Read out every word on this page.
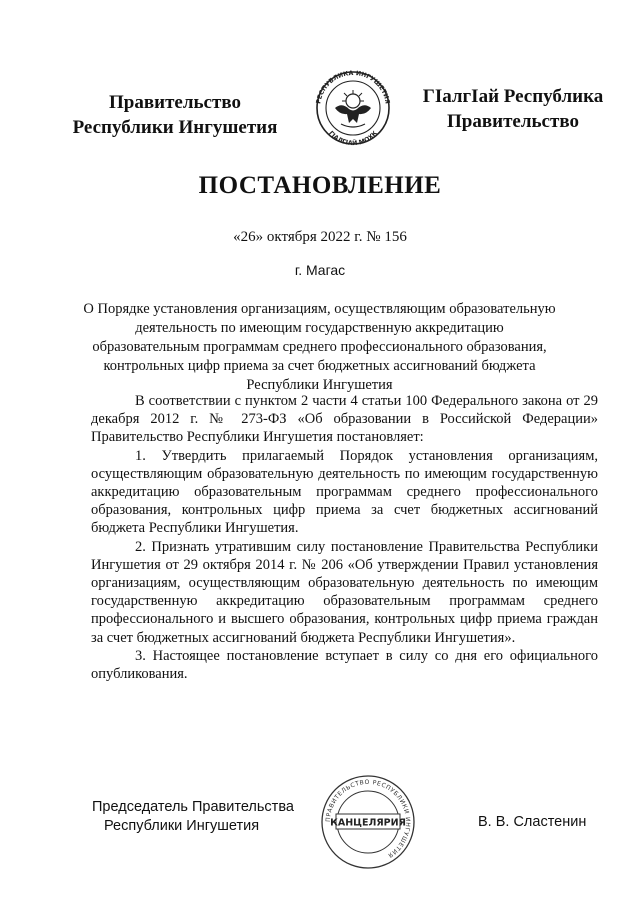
Правительство
Республики Ингушетия
РЕСПУБЛИКА ИНГУШЕТИЯ
ГIАЛГIАЙ МОХК
ГIалгIай Республика
Правительство
ПОСТАНОВЛЕНИЕ
«26» октября 2022 г. № 156
г. Магас
О Порядке установления организациям, осуществляющим образовательную деятельность по имеющим государственную аккредитацию образовательным программам среднего профессионального образования, контрольных цифр приема за счет бюджетных ассигнований бюджета Республики Ингушетия

В соответствии с пунктом 2 части 4 статьи 100 Федерального закона от 29 декабря 2012 г. № 273-ФЗ «Об образовании в Российской Федерации» Правительство Республики Ингушетия постановляет:

1. Утвердить прилагаемый Порядок установления организациям, осуществляющим образовательную деятельность по имеющим государственную аккредитацию образовательным программам среднего профессионального образования, контрольных цифр приема за счет бюджетных ассигнований бюджета Республики Ингушетия.

2. Признать утратившим силу постановление Правительства Республики Ингушетия от 29 октября 2014 г. № 206 «Об утверждении Правил установления организациям, осуществляющим образовательную деятельность по имеющим государственную аккредитацию образовательным программам среднего профессионального и высшего образования, контрольных цифр приема граждан за счет бюджетных ассигнований бюджета Республики Ингушетия».

3. Настоящее постановление вступает в силу со дня его официального опубликования.

Председатель Правительства
Республики Ингушетия	ПРАВИТЕЛЬСТВО РЕСПУБЛИКИ ИНГУШЕТИЯ
КАНЦЕЛЯРИЯ	В. В. Сластенин
